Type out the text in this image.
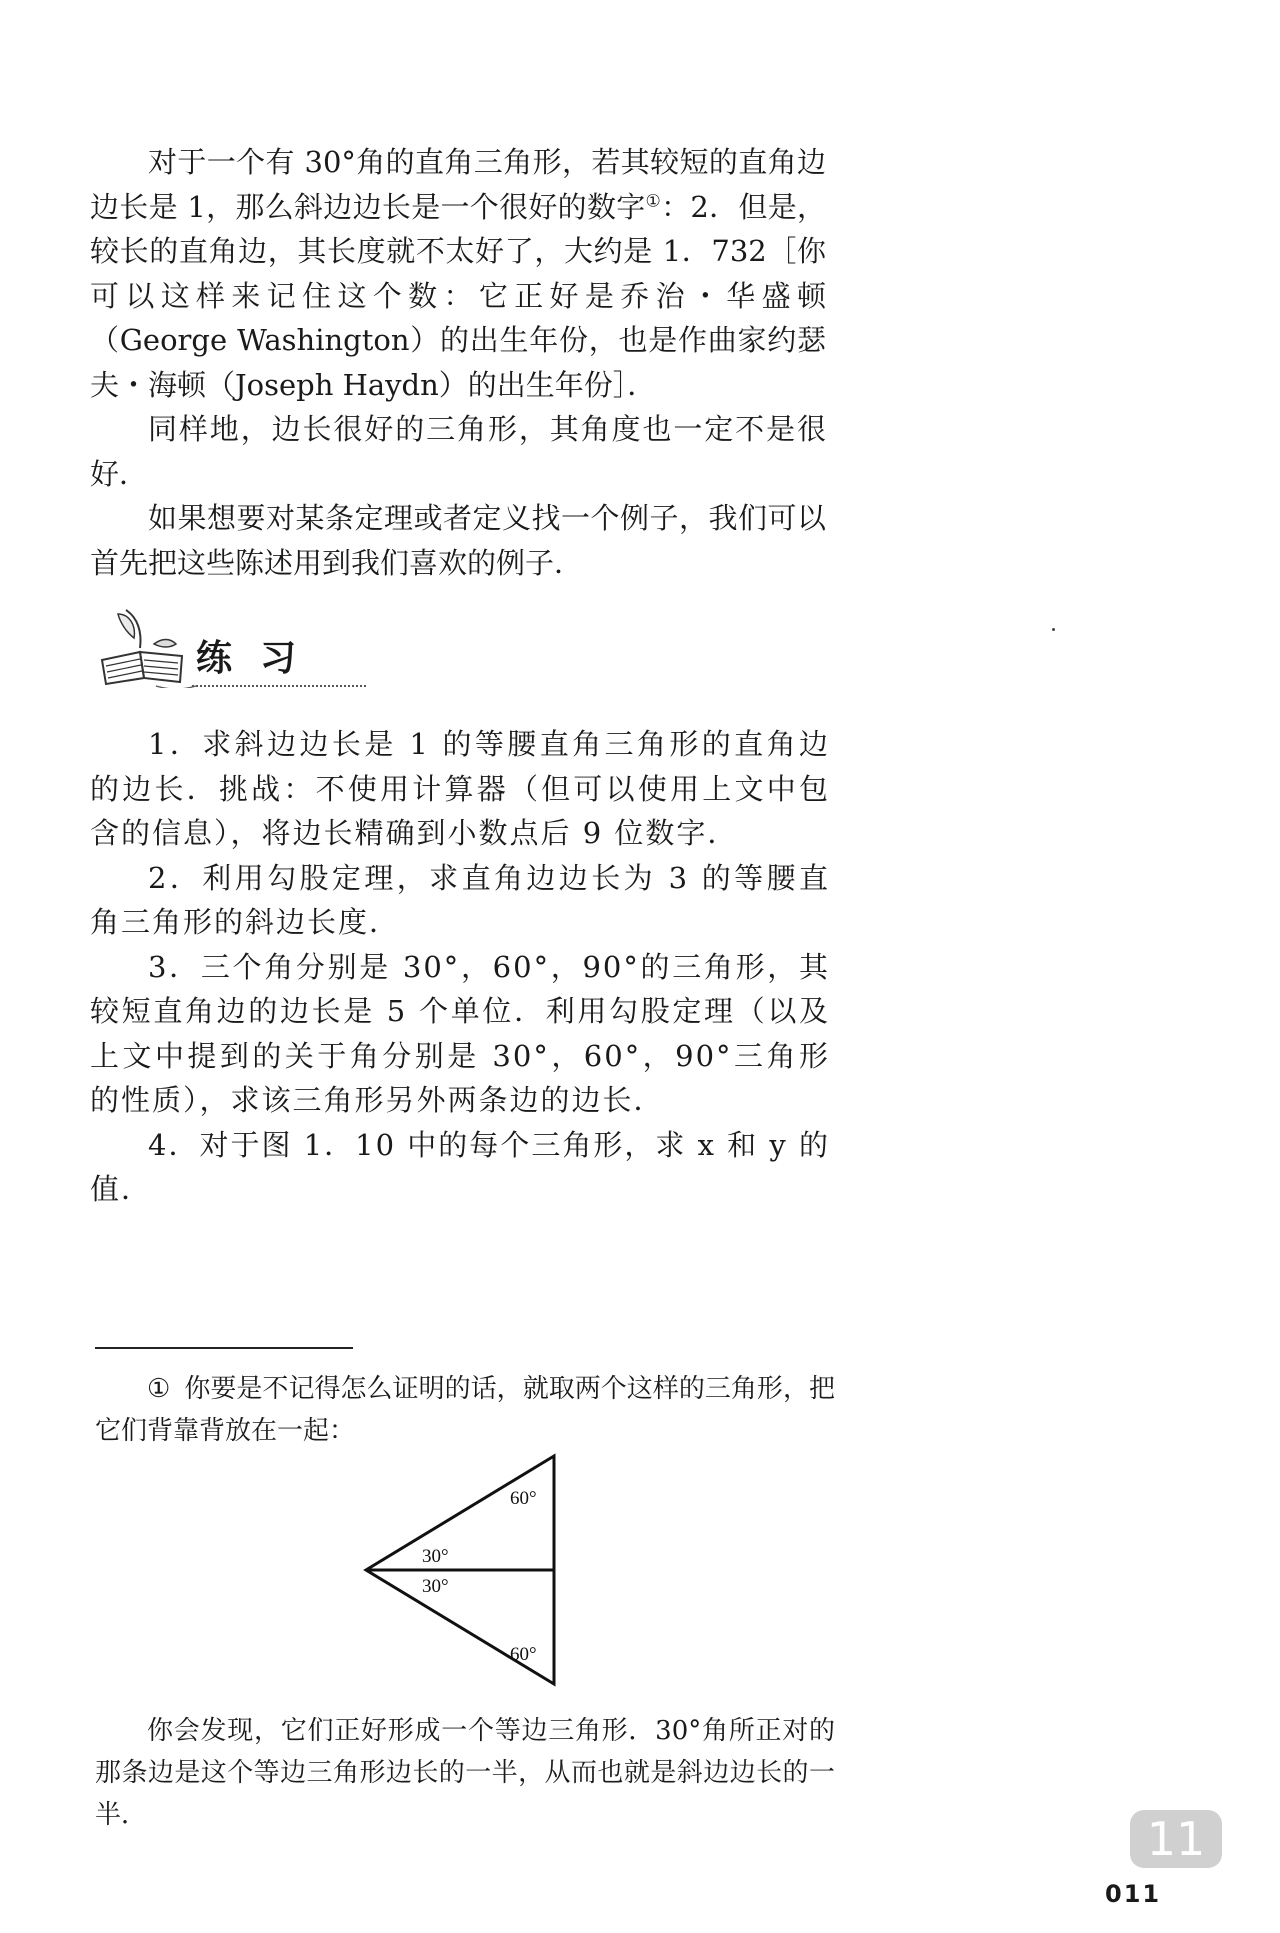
对于一个有 30°角的直角三角形，若其较短的直角边边长是 1，那么斜边边长是一个很好的数字①：2．但是，较长的直角边，其长度就不太好了，大约是 1．732［你可以这样来记住这个数：它正好是乔治・华盛顿（George Washington）的出生年份，也是作曲家约瑟夫・海顿（Joseph Haydn）的出生年份］．

同样地，边长很好的三角形，其角度也一定不是很好．

如果想要对某条定理或者定义找一个例子，我们可以首先把这些陈述用到我们喜欢的例子．

练习

1．求斜边边长是 1 的等腰直角三角形的直角边的边长．挑战：不使用计算器（但可以使用上文中包含的信息），将边长精确到小数点后 9 位数字．

2．利用勾股定理，求直角边边长为 3 的等腰直角三角形的斜边长度．

3．三个角分别是 30°，60°，90°的三角形，其较短直角边的边长是 5 个单位．利用勾股定理（以及上文中提到的关于角分别是 30°，60°，90°三角形的性质），求该三角形另外两条边的边长．

4．对于图 1．10 中的每个三角形，求 x 和 y 的值．

① 你要是不记得怎么证明的话，就取两个这样的三角形，把它们背靠背放在一起：

60°
30°
30°
60°

你会发现，它们正好形成一个等边三角形．30°角所正对的那条边是这个等边三角形边长的一半，从而也就是斜边边长的一半．	11
011
